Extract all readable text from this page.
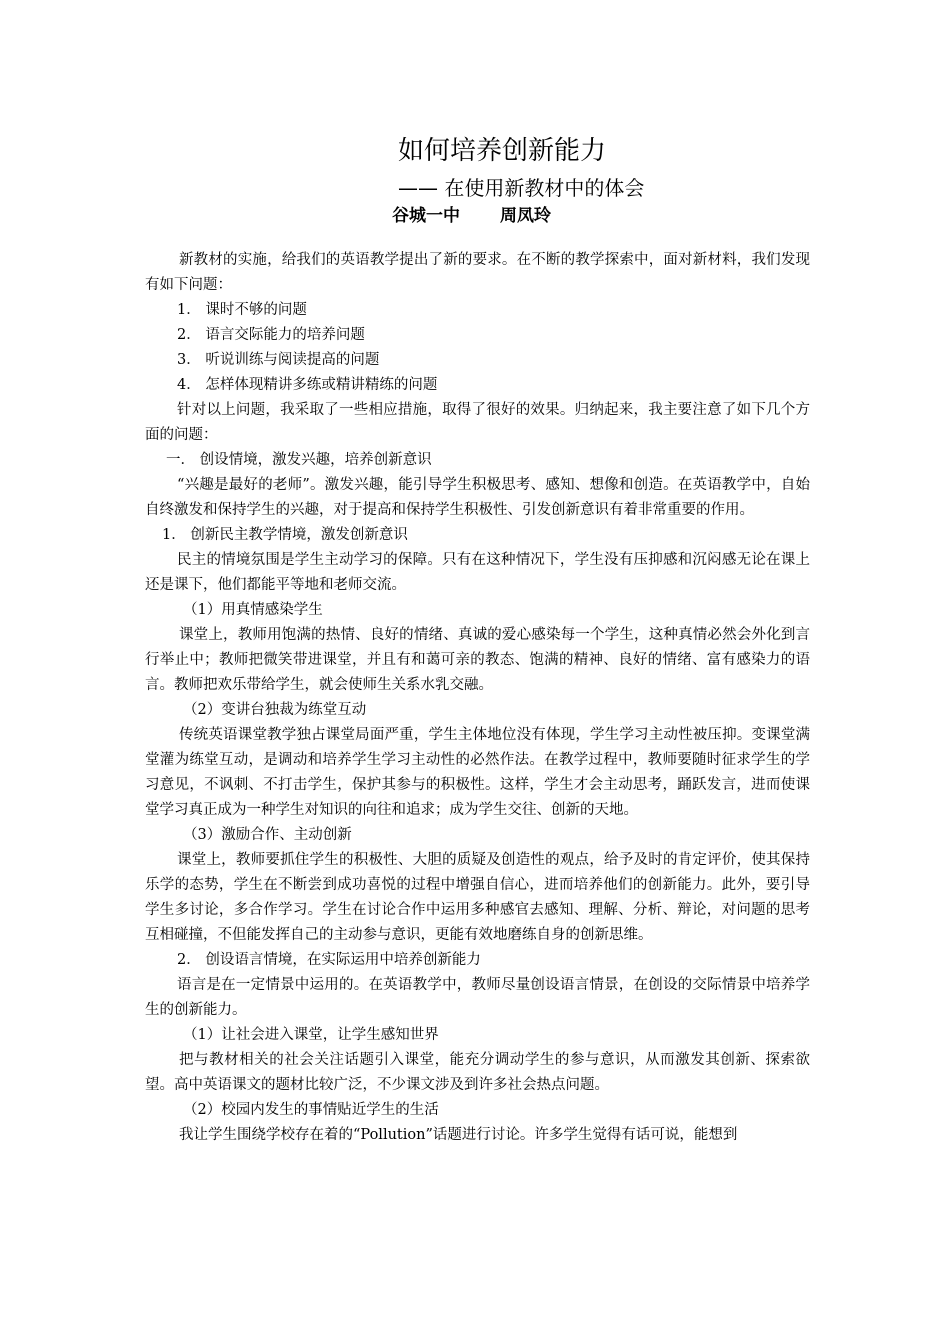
如何培养创新能力
—— 在使用新教材中的体会
谷城一中 周凤玲

新教材的实施，给我们的英语教学提出了新的要求。在不断的教学探索中，面对新材料，我们发现有如下问题：

1． 课时不够的问题

2． 语言交际能力的培养问题

3． 听说训练与阅读提高的问题

4． 怎样体现精讲多练或精讲精练的问题

针对以上问题，我采取了一些相应措施，取得了很好的效果。归纳起来，我主要注意了如下几个方面的问题：

一． 创设情境，激发兴趣，培养创新意识

“兴趣是最好的老师”。激发兴趣，能引导学生积极思考、感知、想像和创造。在英语教学中，自始自终激发和保持学生的兴趣，对于提高和保持学生积极性、引发创新意识有着非常重要的作用。

1． 创新民主教学情境，激发创新意识

民主的情境氛围是学生主动学习的保障。只有在这种情况下，学生没有压抑感和沉闷感无论在课上还是课下，他们都能平等地和老师交流。

（1）用真情感染学生

课堂上，教师用饱满的热情、良好的情绪、真诚的爱心感染每一个学生，这种真情必然会外化到言行举止中；教师把微笑带进课堂，并且有和蔼可亲的教态、饱满的精神、良好的情绪、富有感染力的语言。教师把欢乐带给学生，就会使师生关系水乳交融。

（2）变讲台独裁为练堂互动

传统英语课堂教学独占课堂局面严重，学生主体地位没有体现，学生学习主动性被压抑。变课堂满堂灌为练堂互动，是调动和培养学生学习主动性的必然作法。在教学过程中，教师要随时征求学生的学习意见，不讽刺、不打击学生，保护其参与的积极性。这样，学生才会主动思考，踊跃发言，进而使课堂学习真正成为一种学生对知识的向往和追求；成为学生交往、创新的天地。

（3）激励合作、主动创新

课堂上，教师要抓住学生的积极性、大胆的质疑及创造性的观点，给予及时的肯定评价，使其保持乐学的态势，学生在不断尝到成功喜悦的过程中增强自信心，进而培养他们的创新能力。此外，要引导学生多讨论，多合作学习。学生在讨论合作中运用多种感官去感知、理解、分析、辩论，对问题的思考互相碰撞，不但能发挥自己的主动参与意识，更能有效地磨练自身的创新思维。

2． 创设语言情境，在实际运用中培养创新能力

语言是在一定情景中运用的。在英语教学中，教师尽量创设语言情景，在创设的交际情景中培养学生的创新能力。

（1）让社会进入课堂，让学生感知世界

把与教材相关的社会关注话题引入课堂，能充分调动学生的参与意识，从而激发其创新、探索欲望。高中英语课文的题材比较广泛，不少课文涉及到许多社会热点问题。

（2）校园内发生的事情贴近学生的生活

我让学生围绕学校存在着的“Pollution”话题进行讨论。许多学生觉得有话可说，能想到
